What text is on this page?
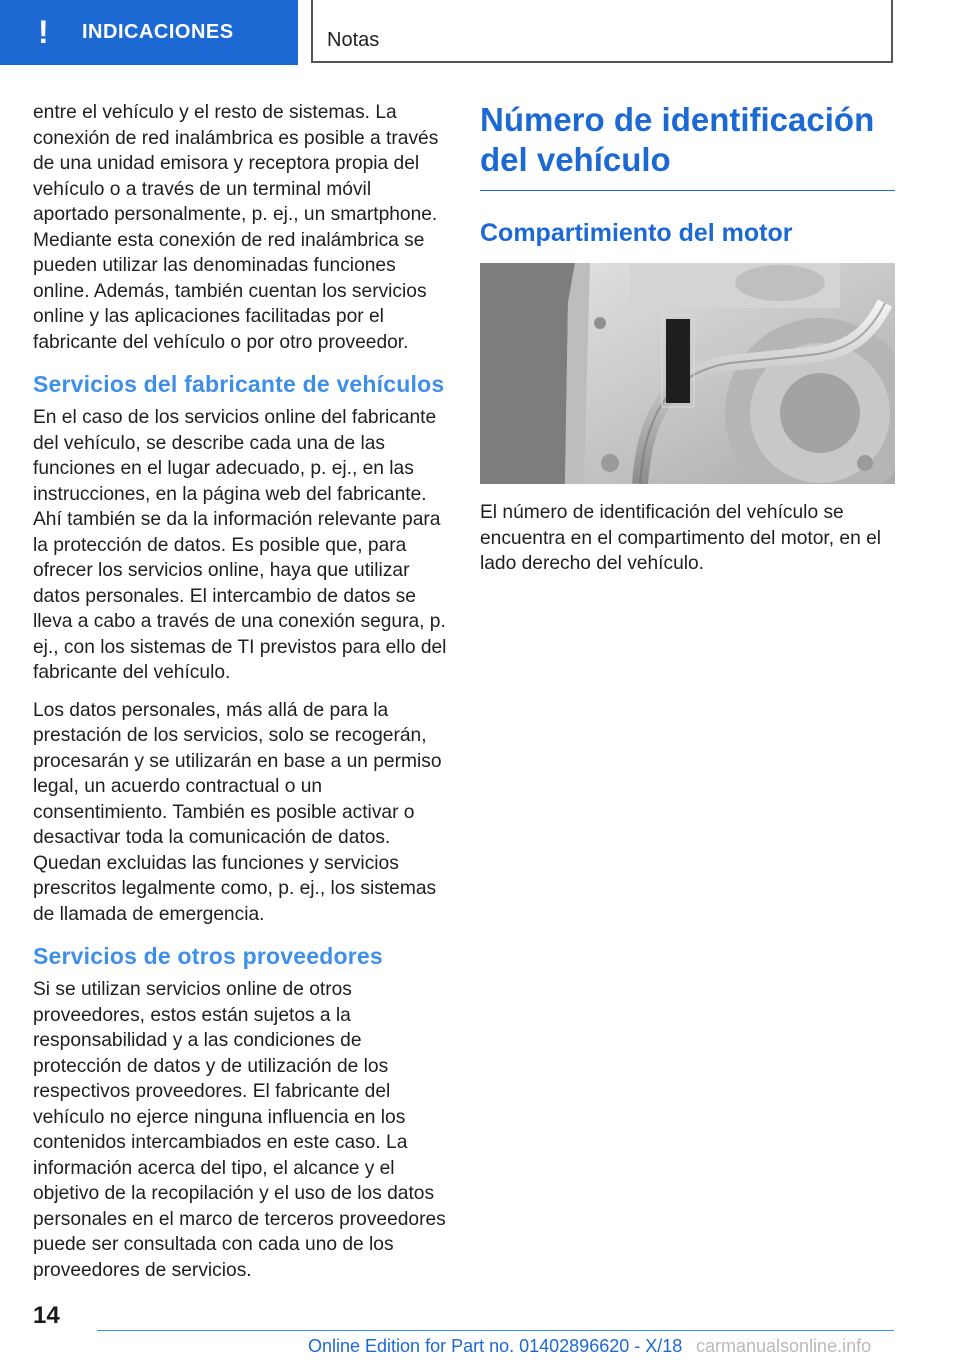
! INDICACIONES	Notas

entre el vehículo y el resto de sistemas. La conexión de red inalámbrica es posible a través de una unidad emisora y receptora propia del vehículo o a través de un terminal móvil aportado personalmente, p. ej., un smartphone. Mediante esta conexión de red inalámbrica se pueden utilizar las denominadas funciones online. Además, también cuentan los servicios online y las aplicaciones facilitadas por el fabricante del vehículo o por otro proveedor.

Servicios del fabricante de vehículos

En el caso de los servicios online del fabricante del vehículo, se describe cada una de las funciones en el lugar adecuado, p. ej., en las instrucciones, en la página web del fabricante. Ahí también se da la información relevante para la protección de datos. Es posible que, para ofrecer los servicios online, haya que utilizar datos personales. El intercambio de datos se lleva a cabo a través de una conexión segura, p. ej., con los sistemas de TI previstos para ello del fabricante del vehículo.

Los datos personales, más allá de para la prestación de los servicios, solo se recogerán, procesarán y se utilizarán en base a un permiso legal, un acuerdo contractual o un consentimiento. También es posible activar o desactivar toda la comunicación de datos. Quedan excluidas las funciones y servicios prescritos legalmente como, p. ej., los sistemas de llamada de emergencia.

Servicios de otros proveedores

Si se utilizan servicios online de otros proveedores, estos están sujetos a la responsabilidad y a las condiciones de protección de datos y de utilización de los respectivos proveedores. El fabricante del vehículo no ejerce ninguna influencia en los contenidos intercambiados en este caso. La información acerca del tipo, el alcance y el objetivo de la recopilación y el uso de los datos personales en el marco de terceros proveedores puede ser consultada con cada uno de los proveedores de servicios.

Número de identificación del vehículo
Compartimiento del motor

El número de identificación del vehículo se encuentra en el compartimento del motor, en el lado derecho del vehículo.

14
Online Edition for Part no. 01402896620 - X/18 carmanualsonline.info
